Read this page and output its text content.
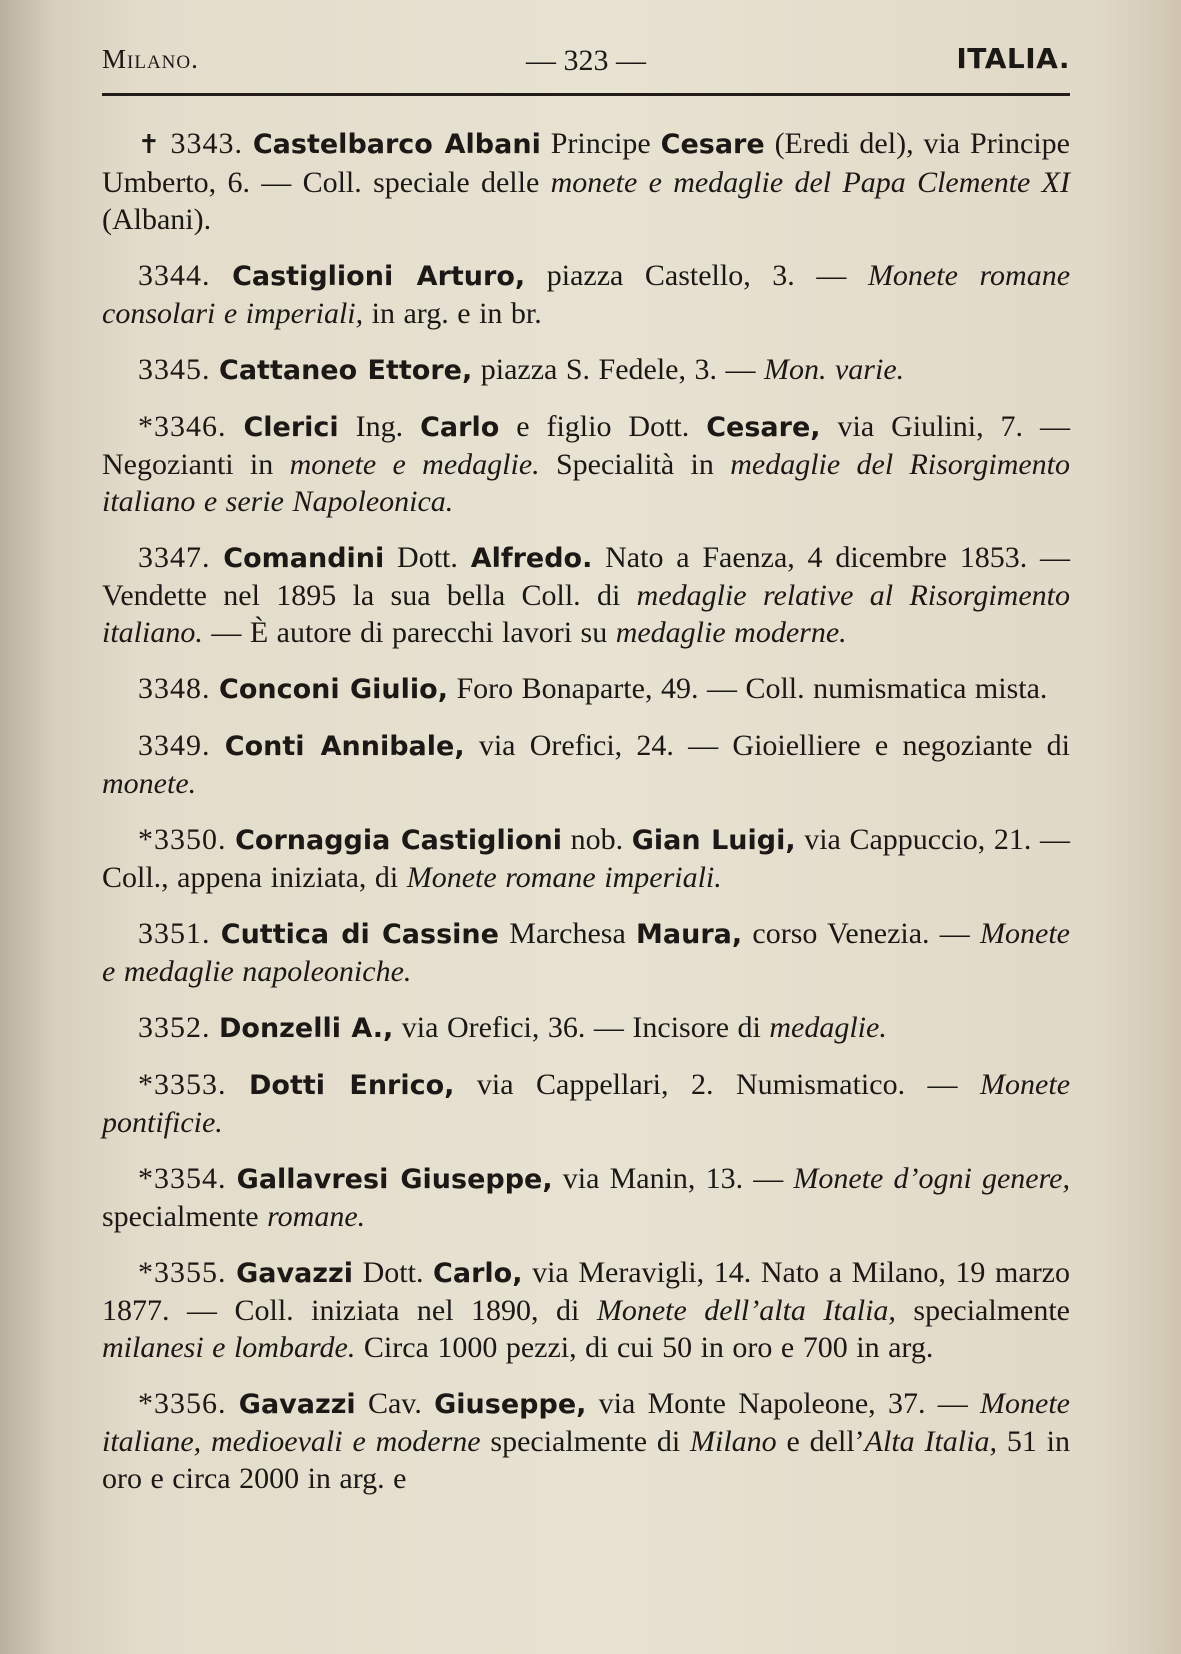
Milano.	— 323 —	ITALIA.

✝ 3343. Castelbarco Albani Principe Cesare (Eredi del), via Principe Umberto, 6. — Coll. speciale delle monete e medaglie del Papa Clemente XI (Albani).

3344. Castiglioni Arturo, piazza Castello, 3. — Monete romane consolari e imperiali, in arg. e in br.

3345. Cattaneo Ettore, piazza S. Fedele, 3. — Mon. varie.

*3346. Clerici Ing. Carlo e figlio Dott. Cesare, via Giulini, 7. — Negozianti in monete e medaglie. Specialità in medaglie del Risorgimento italiano e serie Napoleonica.

3347. Comandini Dott. Alfredo. Nato a Faenza, 4 dicembre 1853. — Vendette nel 1895 la sua bella Coll. di medaglie relative al Risorgimento italiano. — È autore di parecchi lavori su medaglie moderne.

3348. Conconi Giulio, Foro Bonaparte, 49. — Coll. numismatica mista.

3349. Conti Annibale, via Orefici, 24. — Gioielliere e negoziante di monete.

*3350. Cornaggia Castiglioni nob. Gian Luigi, via Cappuccio, 21. — Coll., appena iniziata, di Monete romane imperiali.

3351. Cuttica di Cassine Marchesa Maura, corso Venezia. — Monete e medaglie napoleoniche.

3352. Donzelli A., via Orefici, 36. — Incisore di medaglie.

*3353. Dotti Enrico, via Cappellari, 2. Numismatico. — Monete pontificie.

*3354. Gallavresi Giuseppe, via Manin, 13. — Monete d’ogni genere, specialmente romane.

*3355. Gavazzi Dott. Carlo, via Meravigli, 14. Nato a Milano, 19 marzo 1877. — Coll. iniziata nel 1890, di Monete dell’alta Italia, specialmente milanesi e lombarde. Circa 1000 pezzi, di cui 50 in oro e 700 in arg.

*3356. Gavazzi Cav. Giuseppe, via Monte Napoleone, 37. — Monete italiane, medioevali e moderne specialmente di Milano e dell’Alta Italia, 51 in oro e circa 2000 in arg. e
